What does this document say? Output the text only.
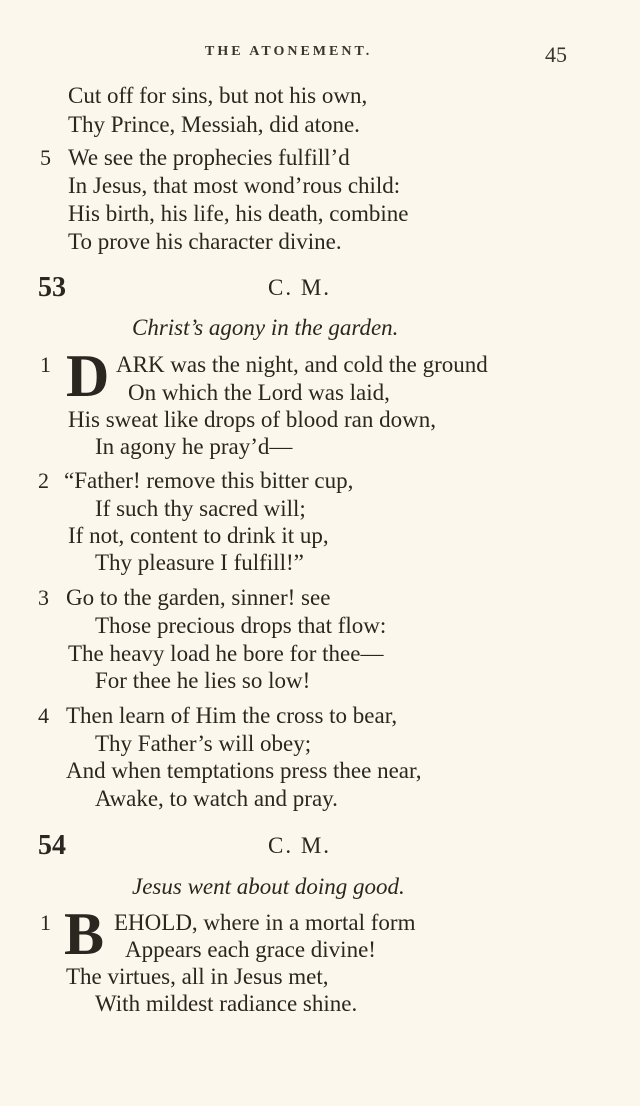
THE ATONEMENT.	45
Cut off for sins, but not his own,
Thy Prince, Messiah, did atone.
5 We see the prophecies fulfill’d
In Jesus, that most wond’rous child:
His birth, his life, his death, combine
To prove his character divine.
53	C. M.
Christ’s agony in the garden.
1 D ARK was the night, and cold the ground
On which the Lord was laid,
His sweat like drops of blood ran down,
In agony he pray’d—
2 “Father! remove this bitter cup,
If such thy sacred will;
If not, content to drink it up,
Thy pleasure I fulfill!”
3 Go to the garden, sinner! see
Those precious drops that flow:
The heavy load he bore for thee—
For thee he lies so low!
4 Then learn of Him the cross to bear,
Thy Father’s will obey;
And when temptations press thee near,
Awake, to watch and pray.
54	C. M.
Jesus went about doing good.
1 B EHOLD, where in a mortal form
Appears each grace divine!
The virtues, all in Jesus met,
With mildest radiance shine.
